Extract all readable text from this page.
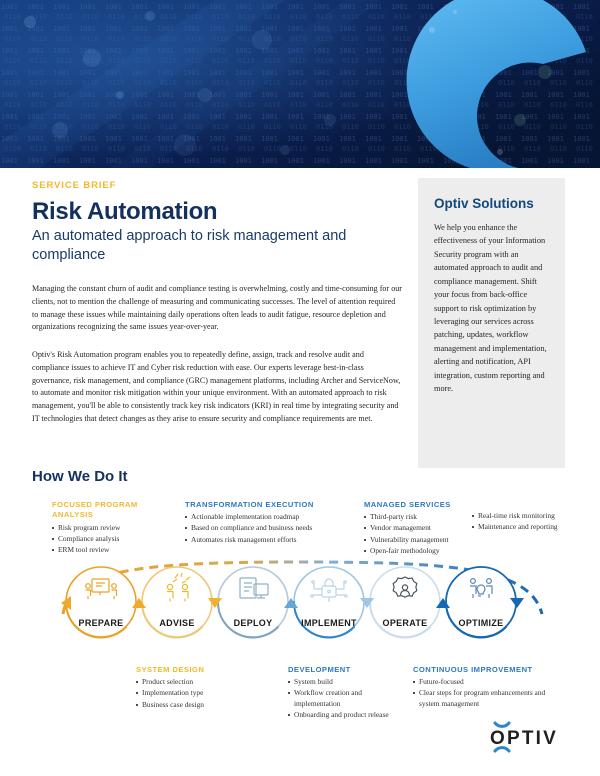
SERVICE BRIEF
Risk Automation
An automated approach to risk management and compliance
Managing the constant churn of audit and compliance testing is overwhelming, costly and time-consuming for our clients, not to mention the challenge of measuring and communicating successes. The level of attention required to manage these issues while maintaining daily operations often leads to audit fatigue, resource depletion and organizations recognizing the same issues year-over-year.
Optiv's Risk Automation program enables you to repeatedly define, assign, track and resolve audit and compliance issues to achieve IT and Cyber risk reduction with ease. Our experts leverage best-in-class governance, risk management, and compliance (GRC) management platforms, including Archer and ServiceNow, to automate and monitor risk mitigation within your unique environment. With an automated approach to risk management, you'll be able to consistently track key risk indicators (KRI) in real time by integrating security and IT technologies that detect changes as they arise to ensure security and compliance requirements are met.
Optiv Solutions
We help you enhance the effectiveness of your Information Security program with an automated approach to audit and compliance management. Shift your focus from back-office support to risk optimization by leveraging our services across patching, updates, workflow management and implementation, alerting and notification, API integration, custom reporting and more.
How We Do It
FOCUSED PROGRAM ANALYSIS
Risk program review
Compliance analysis
ERM tool review
TRANSFORMATION EXECUTION
Actionable implementation roadmap
Based on compliance and business needs
Automates risk management efforts
MANAGED SERVICES
Third-party risk
Vendor management
Vulnerability management
Open-fair methodology
Real-time risk monitoring
Maintenance and reporting
PREPARE	ADVISE	DEPLOY	IMPLEMENT	OPERATE	OPTIMIZE
SYSTEM DESIGN
Product selection
Implementation type
Business case design
DEVELOPMENT
System build
Workflow creation and implementation
Onboarding and product release
CONTINUOUS IMPROVEMENT
Future-focused
Clear steps for program enhancements and system management
OPTIV
